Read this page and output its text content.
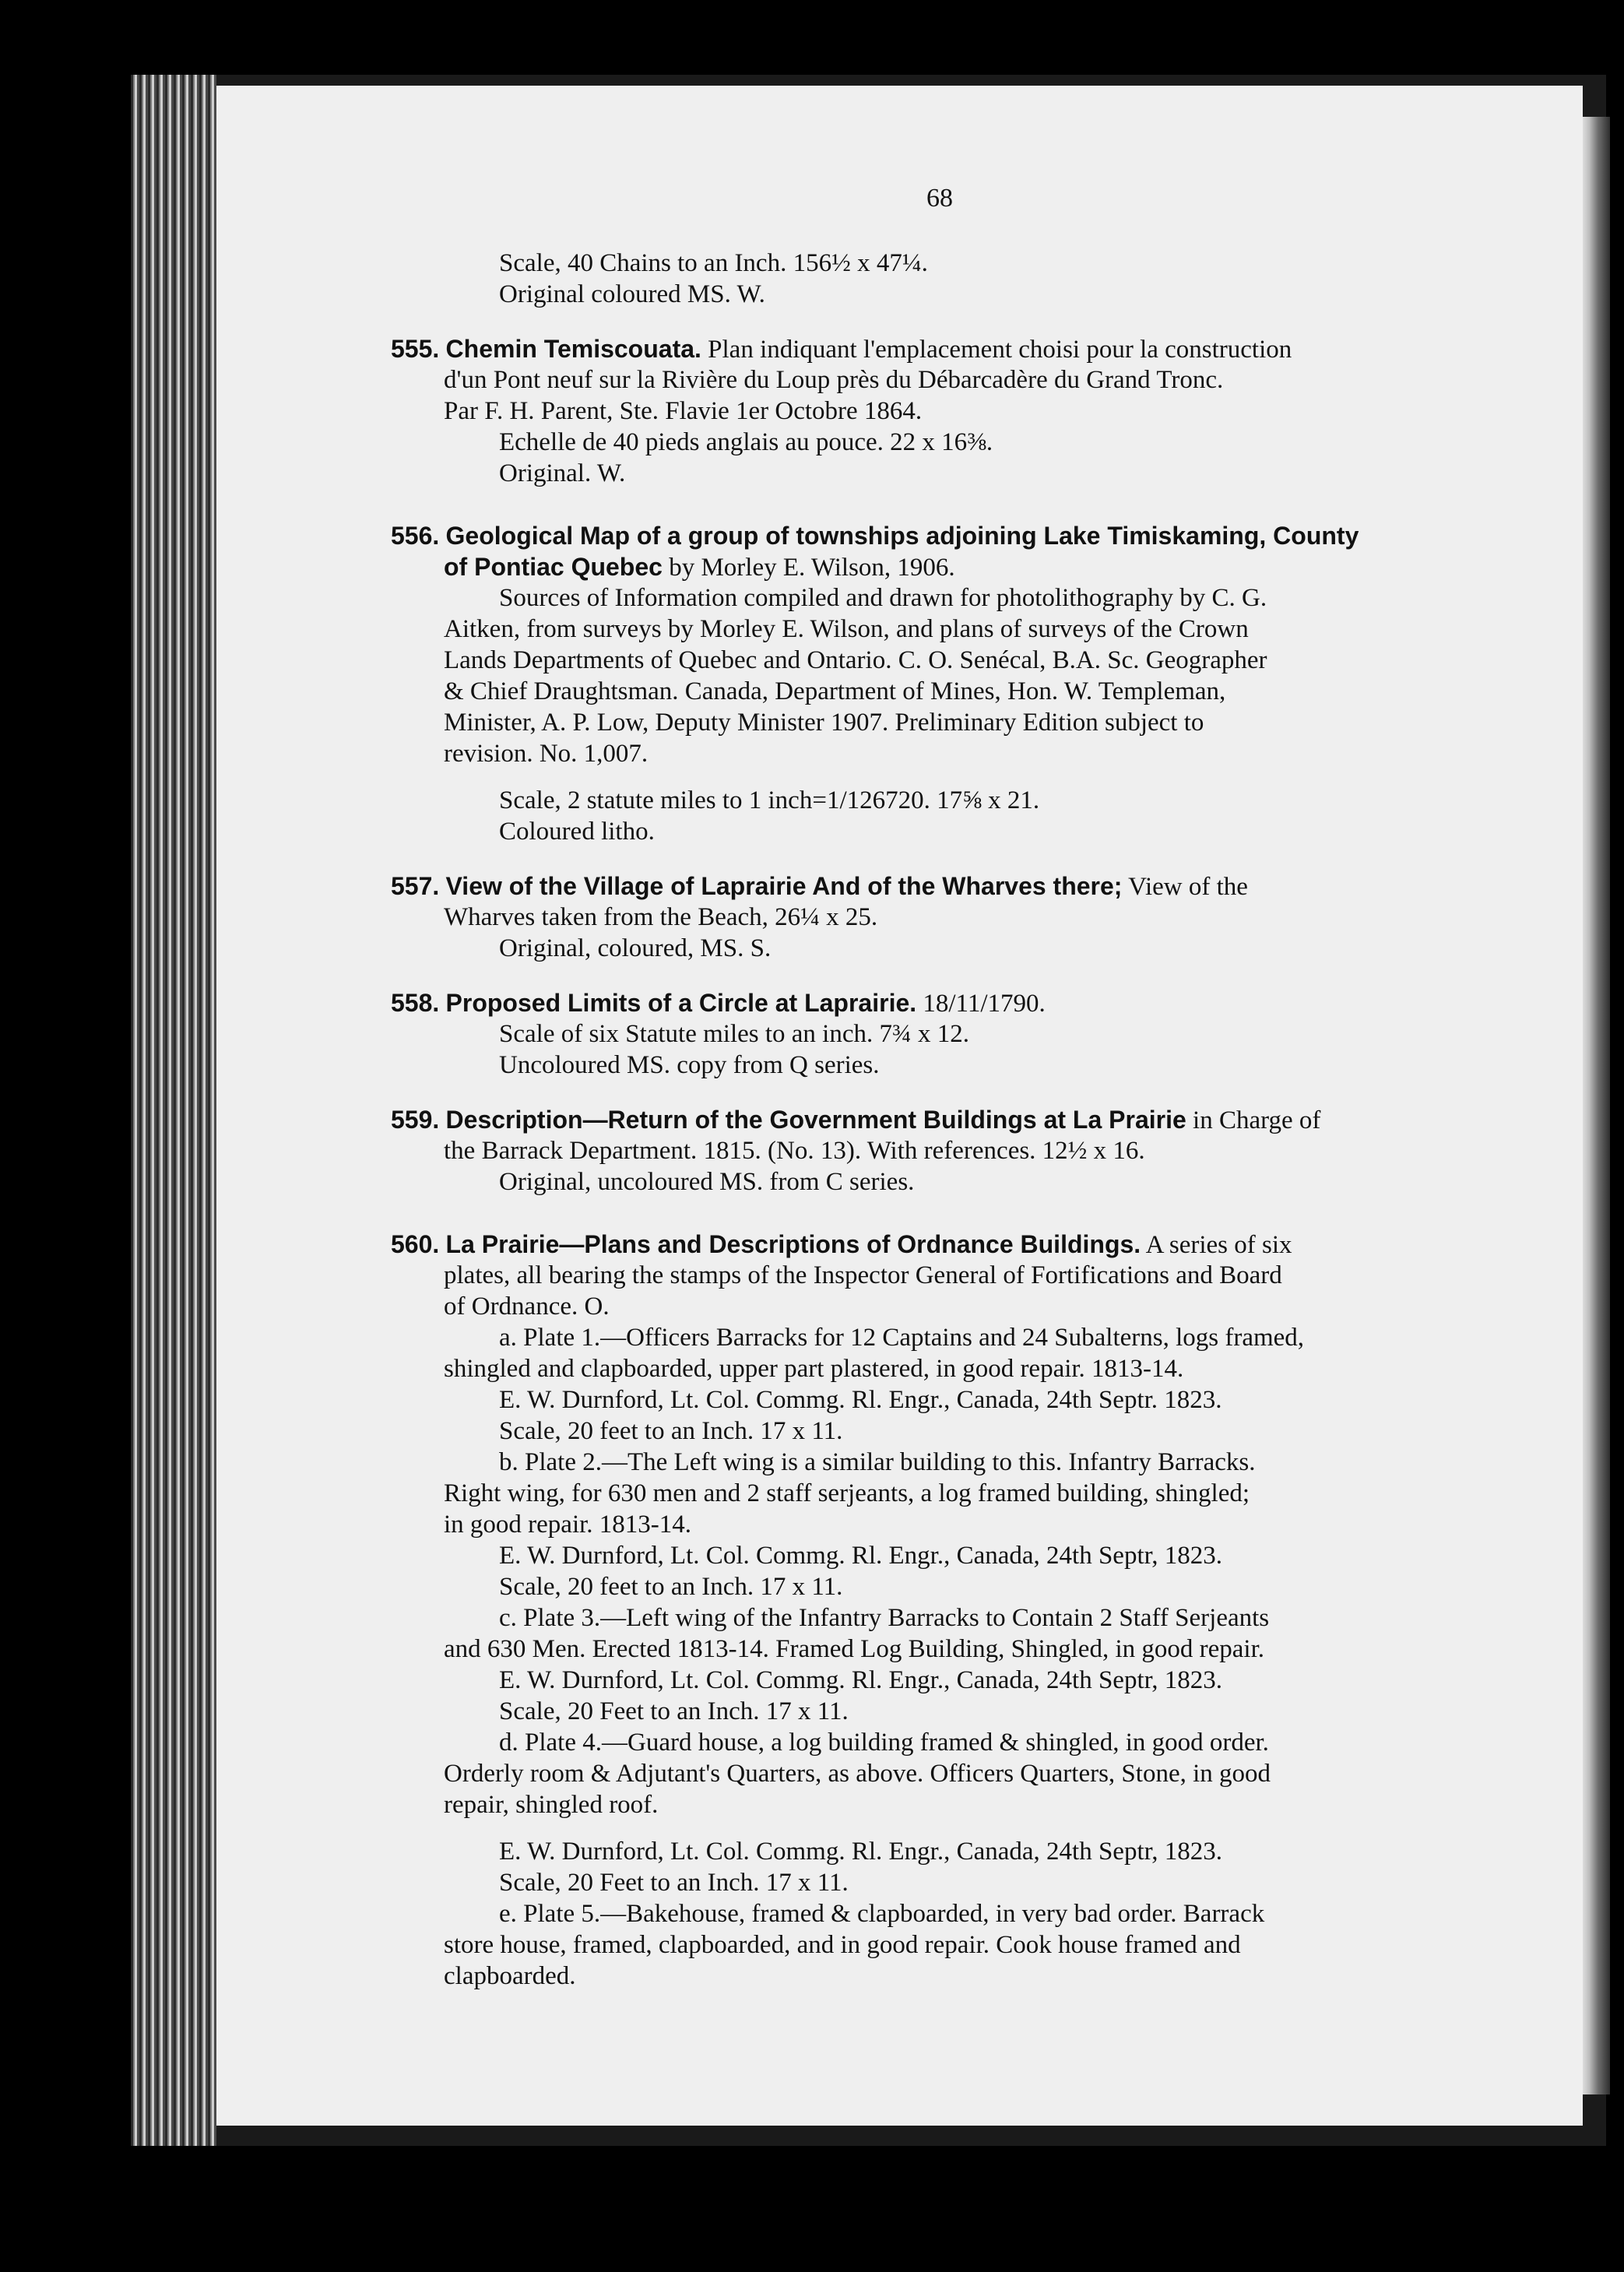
68
Scale, 40 Chains to an Inch. 156½ x 47¼.
Original coloured MS. W.
555. Chemin Temiscouata. Plan indiquant l'emplacement choisi pour la construction
d'un Pont neuf sur la Rivière du Loup près du Débarcadère du Grand Tronc.
Par F. H. Parent, Ste. Flavie 1er Octobre 1864.
Echelle de 40 pieds anglais au pouce. 22 x 16⅜.
Original. W.
556. Geological Map of a group of townships adjoining Lake Timiskaming, County
of Pontiac Quebec by Morley E. Wilson, 1906.
Sources of Information compiled and drawn for photolithography by C. G.
Aitken, from surveys by Morley E. Wilson, and plans of surveys of the Crown
Lands Departments of Quebec and Ontario. C. O. Senécal, B.A. Sc. Geographer
& Chief Draughtsman. Canada, Department of Mines, Hon. W. Templeman,
Minister, A. P. Low, Deputy Minister 1907. Preliminary Edition subject to
revision. No. 1,007.
Scale, 2 statute miles to 1 inch=1/126720. 17⅝ x 21.
Coloured litho.
557. View of the Village of Laprairie And of the Wharves there; View of the
Wharves taken from the Beach, 26¼ x 25.
Original, coloured, MS. S.
558. Proposed Limits of a Circle at Laprairie. 18/11/1790.
Scale of six Statute miles to an inch. 7¾ x 12.
Uncoloured MS. copy from Q series.
559. Description—Return of the Government Buildings at La Prairie in Charge of
the Barrack Department. 1815. (No. 13). With references. 12½ x 16.
Original, uncoloured MS. from C series.
560. La Prairie—Plans and Descriptions of Ordnance Buildings. A series of six
plates, all bearing the stamps of the Inspector General of Fortifications and Board
of Ordnance. O.
a. Plate 1.—Officers Barracks for 12 Captains and 24 Subalterns, logs framed,
shingled and clapboarded, upper part plastered, in good repair. 1813-14.
E. W. Durnford, Lt. Col. Commg. Rl. Engr., Canada, 24th Septr. 1823.
Scale, 20 feet to an Inch. 17 x 11.
b. Plate 2.—The Left wing is a similar building to this. Infantry Barracks.
Right wing, for 630 men and 2 staff serjeants, a log framed building, shingled;
in good repair. 1813-14.
E. W. Durnford, Lt. Col. Commg. Rl. Engr., Canada, 24th Septr, 1823.
Scale, 20 feet to an Inch. 17 x 11.
c. Plate 3.—Left wing of the Infantry Barracks to Contain 2 Staff Serjeants
and 630 Men. Erected 1813-14. Framed Log Building, Shingled, in good repair.
E. W. Durnford, Lt. Col. Commg. Rl. Engr., Canada, 24th Septr, 1823.
Scale, 20 Feet to an Inch. 17 x 11.
d. Plate 4.—Guard house, a log building framed & shingled, in good order.
Orderly room & Adjutant's Quarters, as above. Officers Quarters, Stone, in good
repair, shingled roof.
E. W. Durnford, Lt. Col. Commg. Rl. Engr., Canada, 24th Septr, 1823.
Scale, 20 Feet to an Inch. 17 x 11.
e. Plate 5.—Bakehouse, framed & clapboarded, in very bad order. Barrack
store house, framed, clapboarded, and in good repair. Cook house framed and
clapboarded.
